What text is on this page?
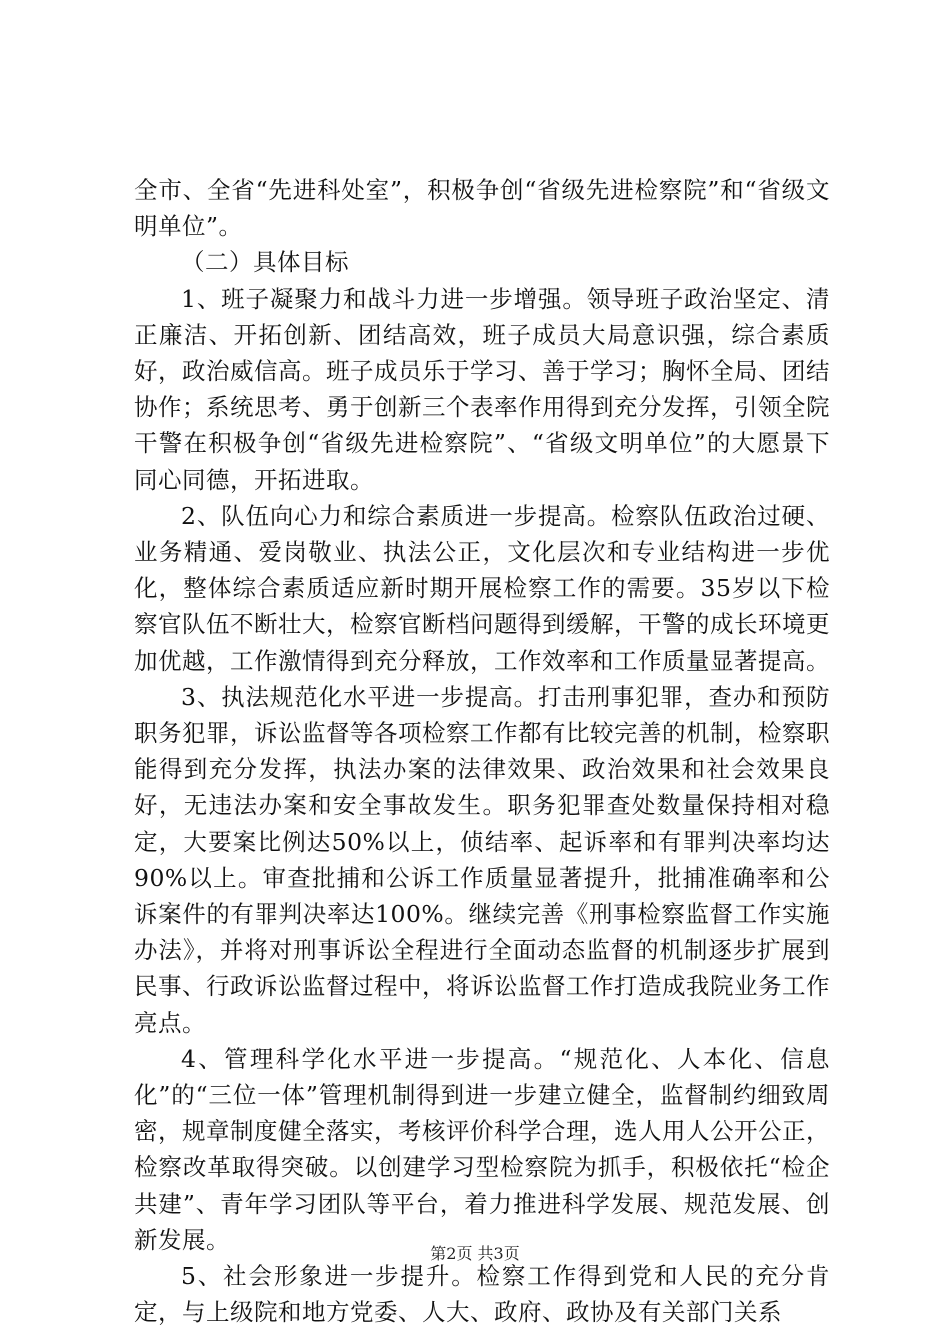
全市、全省“先进科处室”，积极争创“省级先进检察院”和“省级文明单位”。

（二）具体目标

1、班子凝聚力和战斗力进一步增强。领导班子政治坚定、清正廉洁、开拓创新、团结高效，班子成员大局意识强，综合素质好，政治威信高。班子成员乐于学习、善于学习；胸怀全局、团结协作；系统思考、勇于创新三个表率作用得到充分发挥，引领全院干警在积极争创“省级先进检察院”、“省级文明单位”的大愿景下同心同德，开拓进取。

2、队伍向心力和综合素质进一步提高。检察队伍政治过硬、业务精通、爱岗敬业、执法公正，文化层次和专业结构进一步优化，整体综合素质适应新时期开展检察工作的需要。35岁以下检察官队伍不断壮大，检察官断档问题得到缓解，干警的成长环境更加优越，工作激情得到充分释放，工作效率和工作质量显著提高。

3、执法规范化水平进一步提高。打击刑事犯罪，查办和预防职务犯罪，诉讼监督等各项检察工作都有比较完善的机制，检察职能得到充分发挥，执法办案的法律效果、政治效果和社会效果良好，无违法办案和安全事故发生。职务犯罪查处数量保持相对稳定，大要案比例达50%以上，侦结率、起诉率和有罪判决率均达90%以上。审查批捕和公诉工作质量显著提升，批捕准确率和公诉案件的有罪判决率达100%。继续完善《刑事检察监督工作实施办法》，并将对刑事诉讼全程进行全面动态监督的机制逐步扩展到民事、行政诉讼监督过程中，将诉讼监督工作打造成我院业务工作亮点。

4、管理科学化水平进一步提高。“规范化、人本化、信息化”的“三位一体”管理机制得到进一步建立健全，监督制约细致周密，规章制度健全落实，考核评价科学合理，选人用人公开公正，检察改革取得突破。以创建学习型检察院为抓手，积极依托“检企共建”、青年学习团队等平台，着力推进科学发展、规范发展、创新发展。

5、社会形象进一步提升。检察工作得到党和人民的充分肯定，与上级院和地方党委、人大、政府、政协及有关部门关系

第2页 共3页
